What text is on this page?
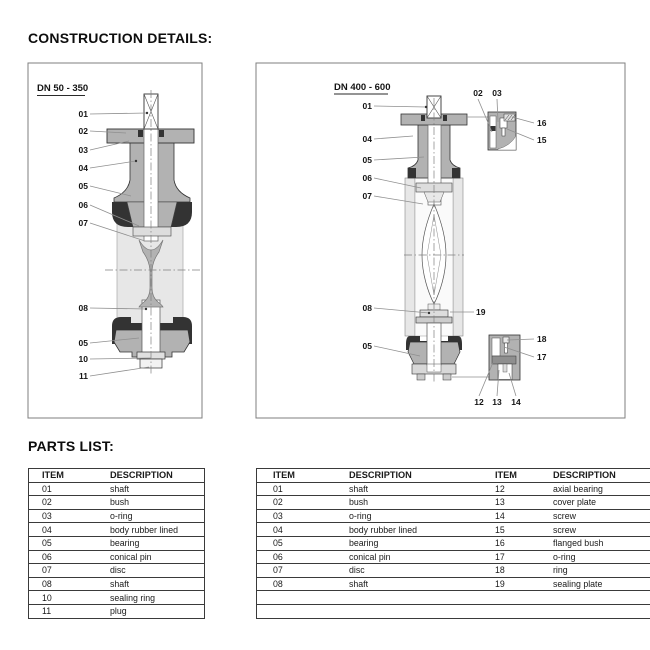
CONSTRUCTION DETAILS:
PARTS LIST:
DN 50 - 350
01
02
03
04
05
06
07
08
05
10
11
DN 400 - 600
01
04
05
06
07
02 03
16
15
08	19
05
18
17
12 13 14
ITEM	DESCRIPTION
01	shaft
02	bush
03	o-ring
04	body rubber lined
05	bearing
06	conical pin
07	disc
08	shaft
10	sealing ring
11	plug
ITEM	DESCRIPTION	ITEM	DESCRIPTION
01	shaft	12	axial bearing
02	bush	13	cover plate
03	o-ring	14	screw
04	body rubber lined	15	screw
05	bearing	16	flanged bush
06	conical pin	17	o-ring
07	disc	18	ring
08	shaft	19	sealing plate
